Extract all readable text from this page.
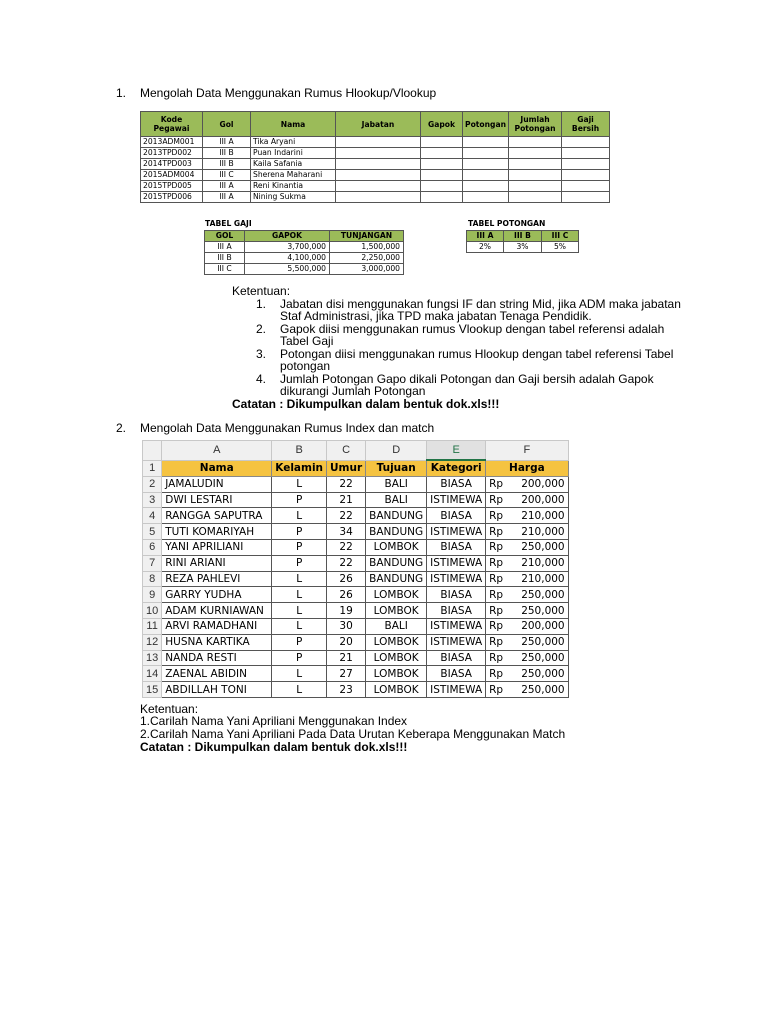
1. Mengolah Data Menggunakan Rumus Hlookup/Vlookup
Kode Pegawai	Gol	Nama	Jabatan	Gapok	Potongan	Jumlah Potongan	Gaji Bersih
2013ADM001	III A	Tika Aryani					
2013TPD002	III B	Puan Indarini					
2014TPD003	III B	Kaila Safania					
2015ADM004	III C	Sherena Maharani					
2015TPD005	III A	Reni Kinantia					
2015TPD006	III A	Nining Sukma					
TABEL GAJI
GOL	GAPOK	TUNJANGAN
III A	3,700,000	1,500,000
III B	4,100,000	2,250,000
III C	5,500,000	3,000,000
TABEL POTONGAN
III A	III B	III C
2%	3%	5%
Ketentuan:
1. Jabatan disi menggunakan fungsi IF dan string Mid, jika ADM maka jabatan
Staf Administrasi, jika TPD maka jabatan Tenaga Pendidik.
2. Gapok diisi menggunakan rumus Vlookup dengan tabel referensi adalah
Tabel Gaji
3. Potongan diisi menggunakan rumus Hlookup dengan tabel referensi Tabel
potongan
4. Jumlah Potongan Gapo dikali Potongan dan Gaji bersih adalah Gapok
dikurangi Jumlah Potongan
Catatan : Dikumpulkan dalam bentuk dok.xls!!!
2. Mengolah Data Menggunakan Rumus Index dan match
	A	B	C	D	E	F	
1	Nama	Kelamin	Umur	Tujuan	Kategori	Harga	
2	JAMALUDIN	L	22	BALI	BIASA	Rp	200,000
3	DWI LESTARI	P	21	BALI	ISTIMEWA	Rp	200,000
4	RANGGA SAPUTRA	L	22	BANDUNG	BIASA	Rp	210,000
5	TUTI KOMARIYAH	P	34	BANDUNG	ISTIMEWA	Rp	210,000
6	YANI APRILIANI	P	22	LOMBOK	BIASA	Rp	250,000
7	RINI ARIANI	P	22	BANDUNG	ISTIMEWA	Rp	210,000
8	REZA PAHLEVI	L	26	BANDUNG	ISTIMEWA	Rp	210,000
9	GARRY YUDHA	L	26	LOMBOK	BIASA	Rp	250,000
10	ADAM KURNIAWAN	L	19	LOMBOK	BIASA	Rp	250,000
11	ARVI RAMADHANI	L	30	BALI	ISTIMEWA	Rp	200,000
12	HUSNA KARTIKA	P	20	LOMBOK	ISTIMEWA	Rp	250,000
13	NANDA RESTI	P	21	LOMBOK	BIASA	Rp	250,000
14	ZAENAL ABIDIN	L	27	LOMBOK	BIASA	Rp	250,000
15	ABDILLAH TONI	L	23	LOMBOK	ISTIMEWA	Rp	250,000
Ketentuan:
1.Carilah Nama Yani Apriliani Menggunakan Index
2.Carilah Nama Yani Apriliani Pada Data Urutan Keberapa Menggunakan Match
Catatan : Dikumpulkan dalam bentuk dok.xls!!!
